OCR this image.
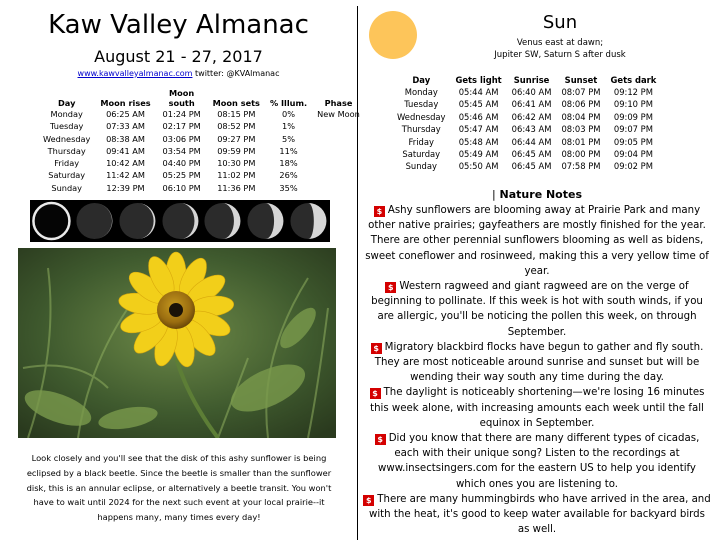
Kaw Valley Almanac
August 21 - 27, 2017
www.kawvalleyalmanac.com twitter: @KVAlmanac
Day	Moon rises	Moon south	Moon sets	% Illum.	Phase
Monday	06:25 AM	01:24 PM	08:15 PM	0%	New Moon
Tuesday	07:33 AM	02:17 PM	08:52 PM	1%	
Wednesday	08:38 AM	03:06 PM	09:27 PM	5%	
Thursday	09:41 AM	03:54 PM	09:59 PM	11%	
Friday	10:42 AM	04:40 PM	10:30 PM	18%	
Saturday	11:42 AM	05:25 PM	11:02 PM	26%	
Sunday	12:39 PM	06:10 PM	11:36 PM	35%	
Look closely and you'll see that the disk of this ashy sunflower is being eclipsed by a black beetle. Since the beetle is smaller than the sunflower disk, this is an annular eclipse, or alternatively a beetle transit. You won't have to wait until 2024 for the next such event at your local prairie--it happens many, many times every day!
Sun
Venus east at dawn;
Jupiter SW, Saturn S after dusk
Day	Gets light	Sunrise	Sunset	Gets dark
Monday	05:44 AM	06:40 AM	08:07 PM	09:12 PM
Tuesday	05:45 AM	06:41 AM	08:06 PM	09:10 PM
Wednesday	05:46 AM	06:42 AM	08:04 PM	09:09 PM
Thursday	05:47 AM	06:43 AM	08:03 PM	09:07 PM
Friday	05:48 AM	06:44 AM	08:01 PM	09:05 PM
Saturday	05:49 AM	06:45 AM	08:00 PM	09:04 PM
Sunday	05:50 AM	06:45 AM	07:58 PM	09:02 PM
| Nature Notes

$ Ashy sunflowers are blooming away at Prairie Park and many other native prairies; gayfeathers are mostly finished for the year. There are other perennial sunflowers blooming as well as bidens, sweet coneflower and rosinweed, making this a very yellow time of year.

$ Western ragweed and giant ragweed are on the verge of beginning to pollinate. If this week is hot with south winds, if you are allergic, you'll be noticing the pollen this week, on through September.

$ Migratory blackbird flocks have begun to gather and fly south. They are most noticeable around sunrise and sunset but will be wending their way south any time during the day.

$ The daylight is noticeably shortening—we're losing 16 minutes this week alone, with increasing amounts each week until the fall equinox in September.

$ Did you know that there are many different types of cicadas, each with their unique song? Listen to the recordings at www.insectsingers.com for the eastern US to help you identify which ones you are listening to.

$ There are many hummingbirds who have arrived in the area, and with the heat, it's good to keep water available for backyard birds as well.
